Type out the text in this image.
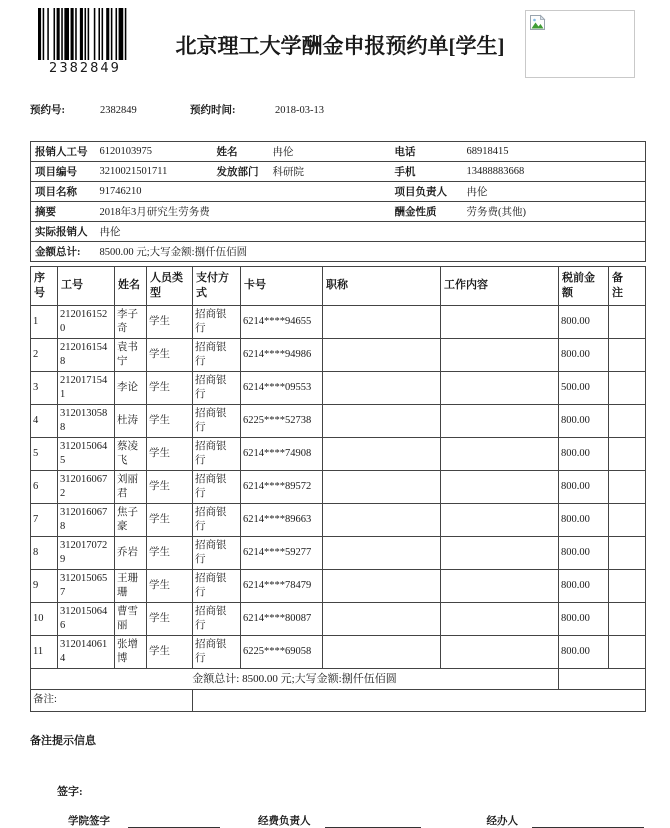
2382849
北京理工大学酬金申报预约单[学生]
预约号:	2382849	预约时间:	2018-03-13
报销人工号	6120103975	姓名	冉伦	电话	68918415
项目编号	3210021501711	发放部门	科研院	手机	13488883668
项目名称	91746210			项目负责人	冉伦
摘要	2018年3月研究生劳务费			酬金性质	劳务费(其他)
实际报销人	冉伦				
金额总计:	8500.00 元;大写金额:捌仟伍佰圆				
序号	工号	姓名	人员类型	支付方式	卡号	职称	工作内容	税前金额	备注

1	2120161520	李子奇	学生	招商银行	6214****94655			800.00	
2	2120161548	袁书宁	学生	招商银行	6214****94986			800.00	
3	2120171541	李论	学生	招商银行	6214****09553			500.00	
4	3120130588	杜涛	学生	招商银行	6225****52738			800.00	
5	3120150645	蔡凌飞	学生	招商银行	6214****74908			800.00	
6	3120160672	刘丽君	学生	招商银行	6214****89572			800.00	
7	3120160678	焦子豪	学生	招商银行	6214****89663			800.00	
8	3120170729	乔岩	学生	招商银行	6214****59277			800.00	
9	3120150657	王珊珊	学生	招商银行	6214****78479			800.00	
10	3120150646	曹雪丽	学生	招商银行	6214****80087			800.00	
11	3120140614	张增博	学生	招商银行	6225****69058			800.00	
金额总计: 8500.00 元;大写金额:捌仟伍佰圆									
备注:									
备注提示信息
签字:
学院签字	经费负责人	经办人
